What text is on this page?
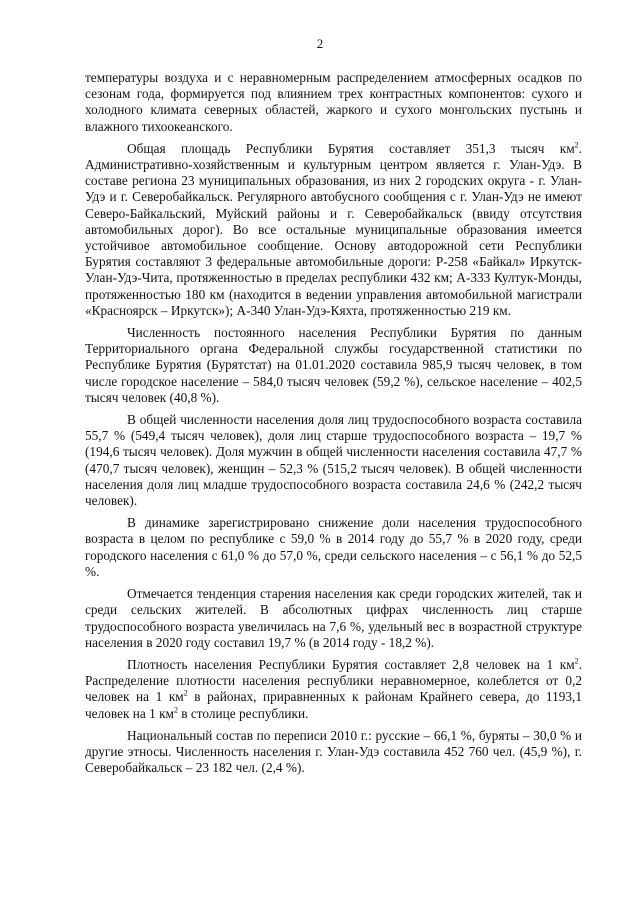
2

температуры воздуха и с неравномерным распределением атмосферных осадков по сезонам года, формируется под влиянием трех контрастных компонентов: сухого и холодного климата северных областей, жаркого и сухого монгольских пустынь и влажного тихоокеанского.

Общая площадь Республики Бурятия составляет 351,3 тысяч $км^2$. Административно-хозяйственным и культурным центром является г. Улан-Удэ. В составе региона 23 муниципальных образования, из них 2 городских округа - г. Улан-Удэ и г. Северобайкальск. Регулярного автобусного сообщения с г. Улан-Удэ не имеют Северо-Байкальский, Муйский районы и г. Северобайкальск (ввиду отсутствия автомобильных дорог). Во все остальные муниципальные образования имеется устойчивое автомобильное сообщение. Основу автодорожной сети Республики Бурятия составляют 3 федеральные автомобильные дороги: Р-258 «Байкал» Иркутск-Улан-Удэ-Чита, протяженностью в пределах республики 432 км; А-333 Култук-Монды, протяженностью 180 км (находится в ведении управления автомобильной магистрали «Красноярск – Иркутск»); А-340 Улан-Удэ-Кяхта, протяженностью 219 км.

Численность постоянного населения Республики Бурятия по данным Территориального органа Федеральной службы государственной статистики по Республике Бурятия (Бурятстат) на 01.01.2020 составила 985,9 тысяч человек, в том числе городское население – 584,0 тысяч человек (59,2 %), сельское население – 402,5 тысяч человек (40,8 %).

В общей численности населения доля лиц трудоспособного возраста составила 55,7 % (549,4 тысяч человек), доля лиц старше трудоспособного возраста – 19,7 % (194,6 тысяч человек). Доля мужчин в общей численности населения составила 47,7 % (470,7 тысяч человек), женщин – 52,3 % (515,2 тысяч человек). В общей численности населения доля лиц младше трудоспособного возраста составила 24,6 % (242,2 тысяч человек).

В динамике зарегистрировано снижение доли населения трудоспособного возраста в целом по республике с 59,0 % в 2014 году до 55,7 % в 2020 году, среди городского населения с 61,0 % до 57,0 %, среди сельского населения – с 56,1 % до 52,5 %.

Отмечается тенденция старения населения как среди городских жителей, так и среди сельских жителей. В абсолютных цифрах численность лиц старше трудоспособного возраста увеличилась на 7,6 %, удельный вес в возрастной структуре населения в 2020 году составил 19,7 % (в 2014 году - 18,2 %).

Плотность населения Республики Бурятия составляет 2,8 человек на 1 $км^2$. Распределение плотности населения республики неравномерное, колеблется от 0,2 человек на 1 $км^2$ в районах, приравненных к районам Крайнего севера, до 1193,1 человек на 1 $км^2$ в столице республики.

Национальный состав по переписи 2010 г.: русские – 66,1 %, буряты – 30,0 % и другие этносы. Численность населения г. Улан-Удэ составила 452 760 чел. (45,9 %), г. Северобайкальск – 23 182 чел. (2,4 %).
